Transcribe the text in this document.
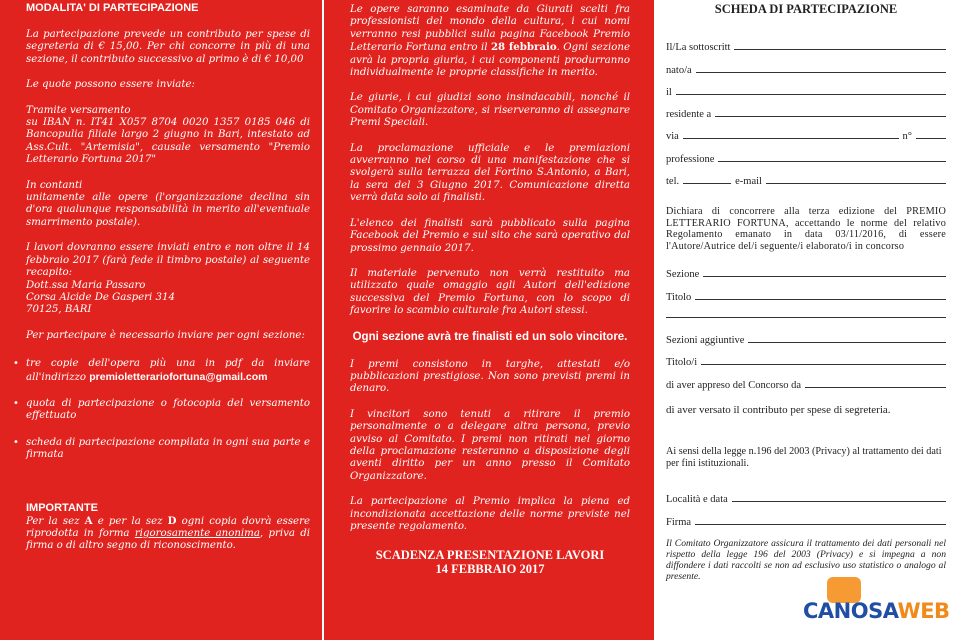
MODALITA' DI PARTECIPAZIONE

La partecipazione prevede un contributo per spese di segreteria di € 15,00. Per chi concorre in più di una sezione, il contributo successivo al primo è di € 10,00

Le quote possono essere inviate:

Tramite versamento
su IBAN n. IT41 X057 8704 0020 1357 0185 046 di Bancopulia filiale largo 2 giugno in Bari, intestato ad Ass.Cult. "Artemisia", causale versamento "Premio Letterario Fortuna 2017"

In contanti
unitamente alle opere (l'organizzazione declina sin d'ora qualunque responsabilità in merito all'eventuale smarrimento postale).

I lavori dovranno essere inviati entro e non oltre il 14 febbraio 2017 (farà fede il timbro postale) al seguente recapito:

Dott.ssa Maria Passaro
Corsa Alcide De Gasperi 314
70125, BARI

Per partecipare è necessario inviare per ogni sezione:

• tre copie dell'opera più una in pdf da inviare all'indirizzo premioletterariofortuna@gmail.com

• quota di partecipazione o fotocopia del versamento effettuato

• scheda di partecipazione compilata in ogni sua parte e firmata

IMPORTANTE

Per la sez A e per la sez D ogni copia dovrà essere riprodotta in forma rigorosamente anonima, priva di firma o di altro segno di riconoscimento.

Le opere saranno esaminate da Giurati scelti fra professionisti del mondo della cultura, i cui nomi verranno resi pubblici sulla pagina Facebook Premio Letterario Fortuna entro il 28 febbraio. Ogni sezione avrà la propria giuria, i cui componenti produrranno individualmente le proprie classifiche in merito.

Le giurie, i cui giudizi sono insindacabili, nonché il Comitato Organizzatore, si riserveranno di assegnare Premi Speciali.

La proclamazione ufficiale e le premiazioni avverranno nel corso di una manifestazione che si svolgerà sulla terrazza del Fortino S.Antonio, a Bari, la sera del 3 Giugno 2017. Comunicazione diretta verrà data solo ai finalisti.

L'elenco dei finalisti sarà pubblicato sulla pagina Facebook del Premio e sul sito che sarà operativo dal prossimo gennaio 2017.

Il materiale pervenuto non verrà restituito ma utilizzato quale omaggio agli Autori dell'edizione successiva del Premio Fortuna, con lo scopo di favorire lo scambio culturale fra Autori stessi.

Ogni sezione avrà tre finalisti ed un solo vincitore.

I premi consistono in targhe, attestati e/o pubblicazioni prestigiose. Non sono previsti premi in denaro.

I vincitori sono tenuti a ritirare il premio personalmente o a delegare altra persona, previo avviso al Comitato. I premi non ritirati nel giorno della proclamazione resteranno a disposizione degli aventi diritto per un anno presso il Comitato Organizzatore.

La partecipazione al Premio implica la piena ed incondizionata accettazione delle norme previste nel presente regolamento.

SCADENZA PRESENTAZIONE LAVORI

14 FEBBRAIO 2017

SCHEDA DI PARTECIPAZIONE

Il/La sottoscritt
nato/a
il
residente a
via	n°
professione
tel.	e-mail

Dichiara di concorrere alla terza edizione del PREMIO LETTERARIO FORTUNA, accettando le norme del relativo Regolamento emanato in data 03/11/2016, di essere l'Autore/Autrice del/i seguente/i elaborato/i in concorso

Sezione
Titolo
Sezioni aggiuntive
Titolo/i
di aver appreso del Concorso da

di aver versato il contributo per spese di segreteria.

Ai sensi della legge n.196 del 2003 (Privacy) al trattamento dei dati per fini istituzionali.

Località e data
Firma

Il Comitato Organizzatore assicura il trattamento dei dati personali nel rispetto della legge 196 del 2003 (Privacy) e si impegna a non diffondere i dati raccolti se non ad esclusivo uso statistico o analogo al presente.

CANOSAWEB
